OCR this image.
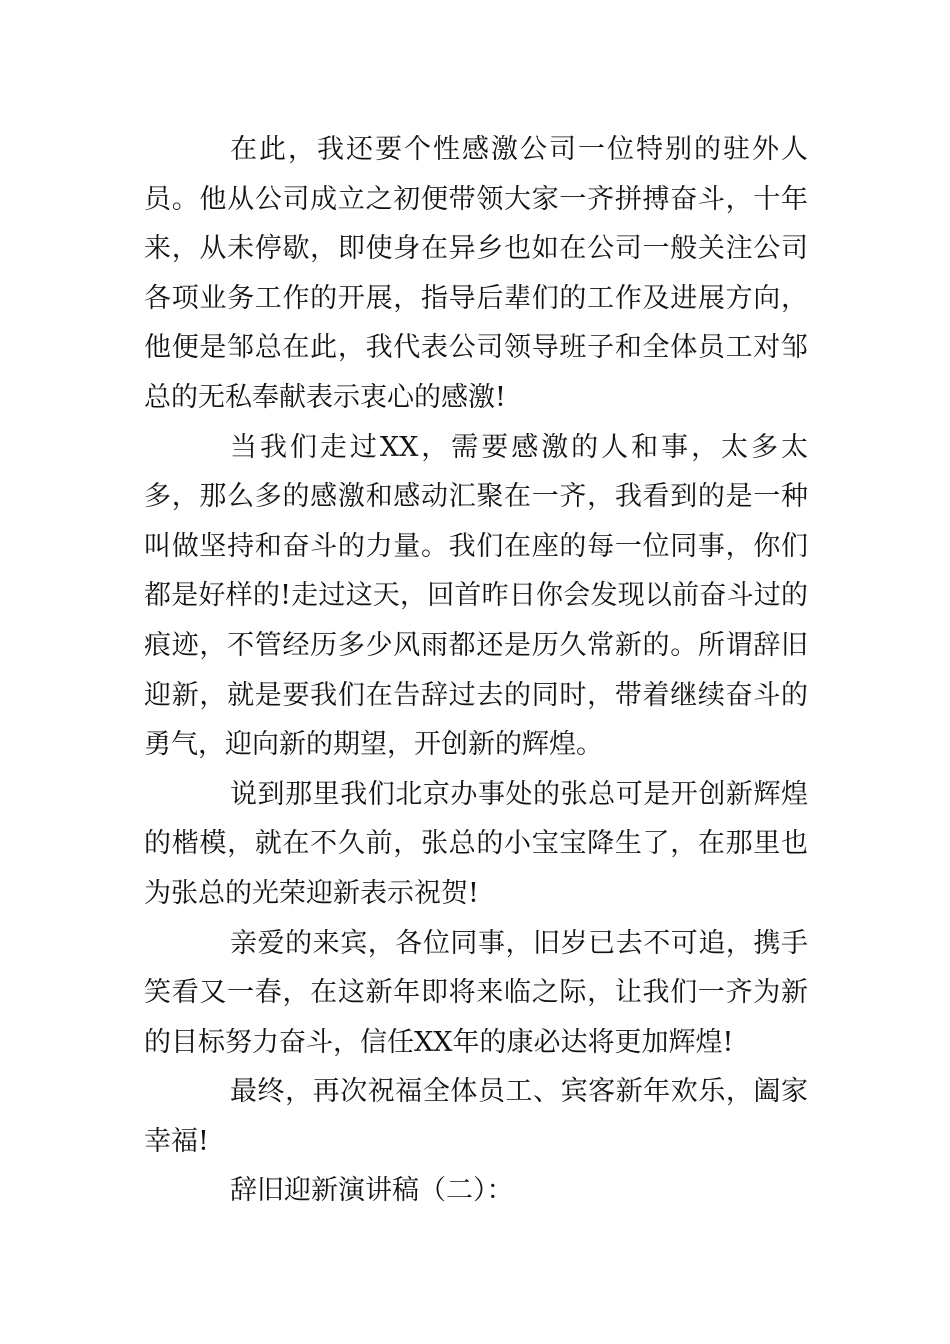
在此，我还要个性感激公司一位特别的驻外人员。他从公司成立之初便带领大家一齐拼搏奋斗，十年来，从未停歇，即使身在异乡也如在公司一般关注公司各项业务工作的开展，指导后辈们的工作及进展方向，他便是邹总在此，我代表公司领导班子和全体员工对邹总的无私奉献表示衷心的感激!

当我们走过XX，需要感激的人和事，太多太多，那么多的感激和感动汇聚在一齐，我看到的是一种叫做坚持和奋斗的力量。我们在座的每一位同事，你们都是好样的!走过这天，回首昨日你会发现以前奋斗过的痕迹，不管经历多少风雨都还是历久常新的。所谓辞旧迎新，就是要我们在告辞过去的同时，带着继续奋斗的勇气，迎向新的期望，开创新的辉煌。

说到那里我们北京办事处的张总可是开创新辉煌的楷模，就在不久前，张总的小宝宝降生了，在那里也为张总的光荣迎新表示祝贺!

亲爱的来宾，各位同事，旧岁已去不可追，携手笑看又一春，在这新年即将来临之际，让我们一齐为新的目标努力奋斗，信任XX年的康必达将更加辉煌!

最终，再次祝福全体员工、宾客新年欢乐，阖家幸福!

辞旧迎新演讲稿（二）：
